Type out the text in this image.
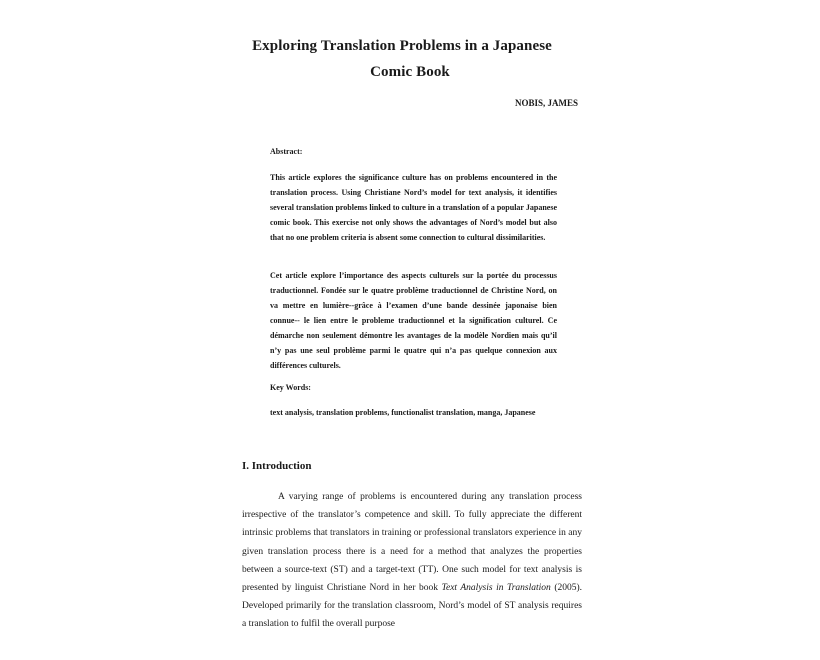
Exploring Translation Problems in a Japanese
Comic Book
NOBIS, JAMES
Abstract:
This article explores the significance culture has on problems encountered in the translation process. Using Christiane Nord’s model for text analysis, it identifies several translation problems linked to culture in a translation of a popular Japanese comic book. This exercise not only shows the advantages of Nord’s model but also that no one problem criteria is absent some connection to cultural dissimilarities.
Cet article explore l’importance des aspects culturels sur la portée du processus traductionnel. Fondée sur le quatre problème traductionnel de Christine Nord, on va mettre en lumière--grâce à l’examen d’une bande dessinée japonaise bien connue-- le lien entre le probleme traductionnel et la signification culturel. Ce démarche non seulement démontre les avantages de la modèle Nordien mais qu’il n’y pas une seul problème parmi le quatre qui n’a pas quelque connexion aux différences culturels.
Key Words:
text analysis, translation problems, functionalist translation, manga, Japanese
I. Introduction

A varying range of problems is encountered during any translation process irrespective of the translator’s competence and skill. To fully appreciate the different intrinsic problems that translators in training or professional translators experience in any given translation process there is a need for a method that analyzes the properties between a source-text (ST) and a target-text (TT). One such model for text analysis is presented by linguist Christiane Nord in her book Text Analysis in Translation (2005). Developed primarily for the translation classroom, Nord’s model of ST analysis requires a translation to fulfil the overall purpose
